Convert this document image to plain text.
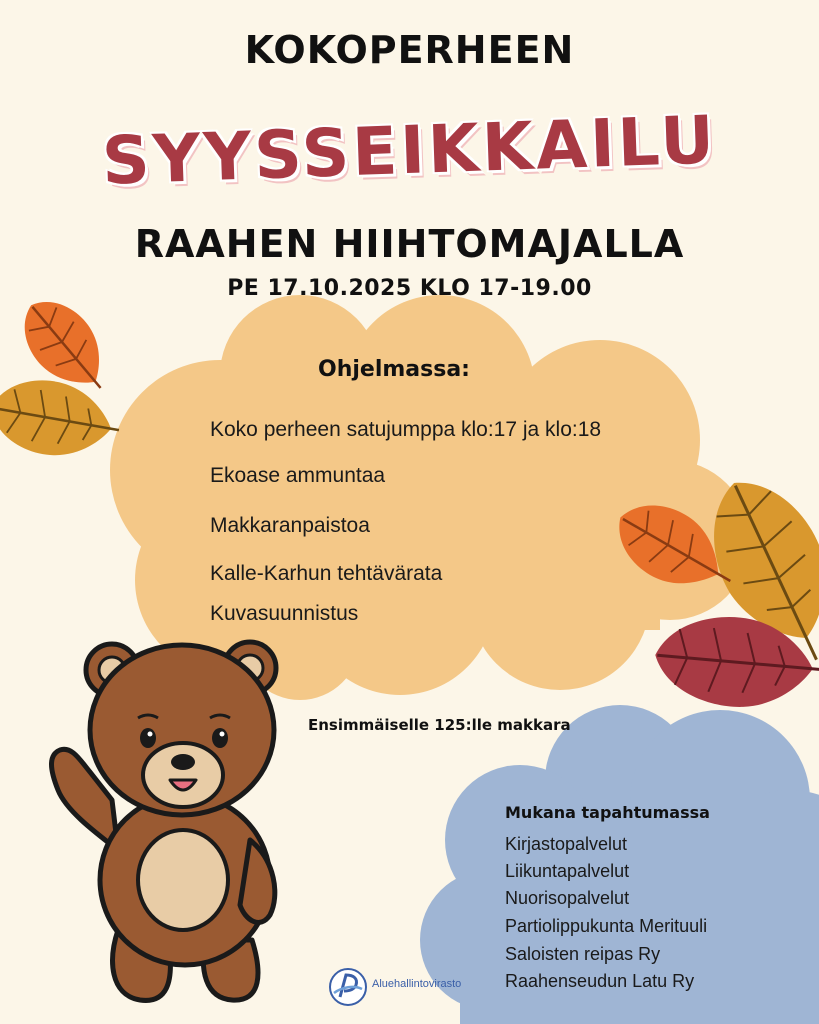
KOKOPERHEEN
SYYSSEIKKAILU
RAAHEN HIIHTOMAJALLA
PE 17.10.2025 KLO 17-19.00
Ohjelmassa:
Koko perheen satujumppa klo:17 ja klo:18
Ekoase ammuntaa
Makkaranpaistoa
Kalle-Karhun tehtävärata
Kuvasuunnistus
Ensimmäiselle 125:lle makkara
Mukana tapahtumassa
Kirjastopalvelut
Liikuntapalvelut
Nuorisopalvelut
Partiolippukunta Merituuli
Saloisten reipas Ry
Raahenseudun Latu Ry
Aluehallintovirasto
